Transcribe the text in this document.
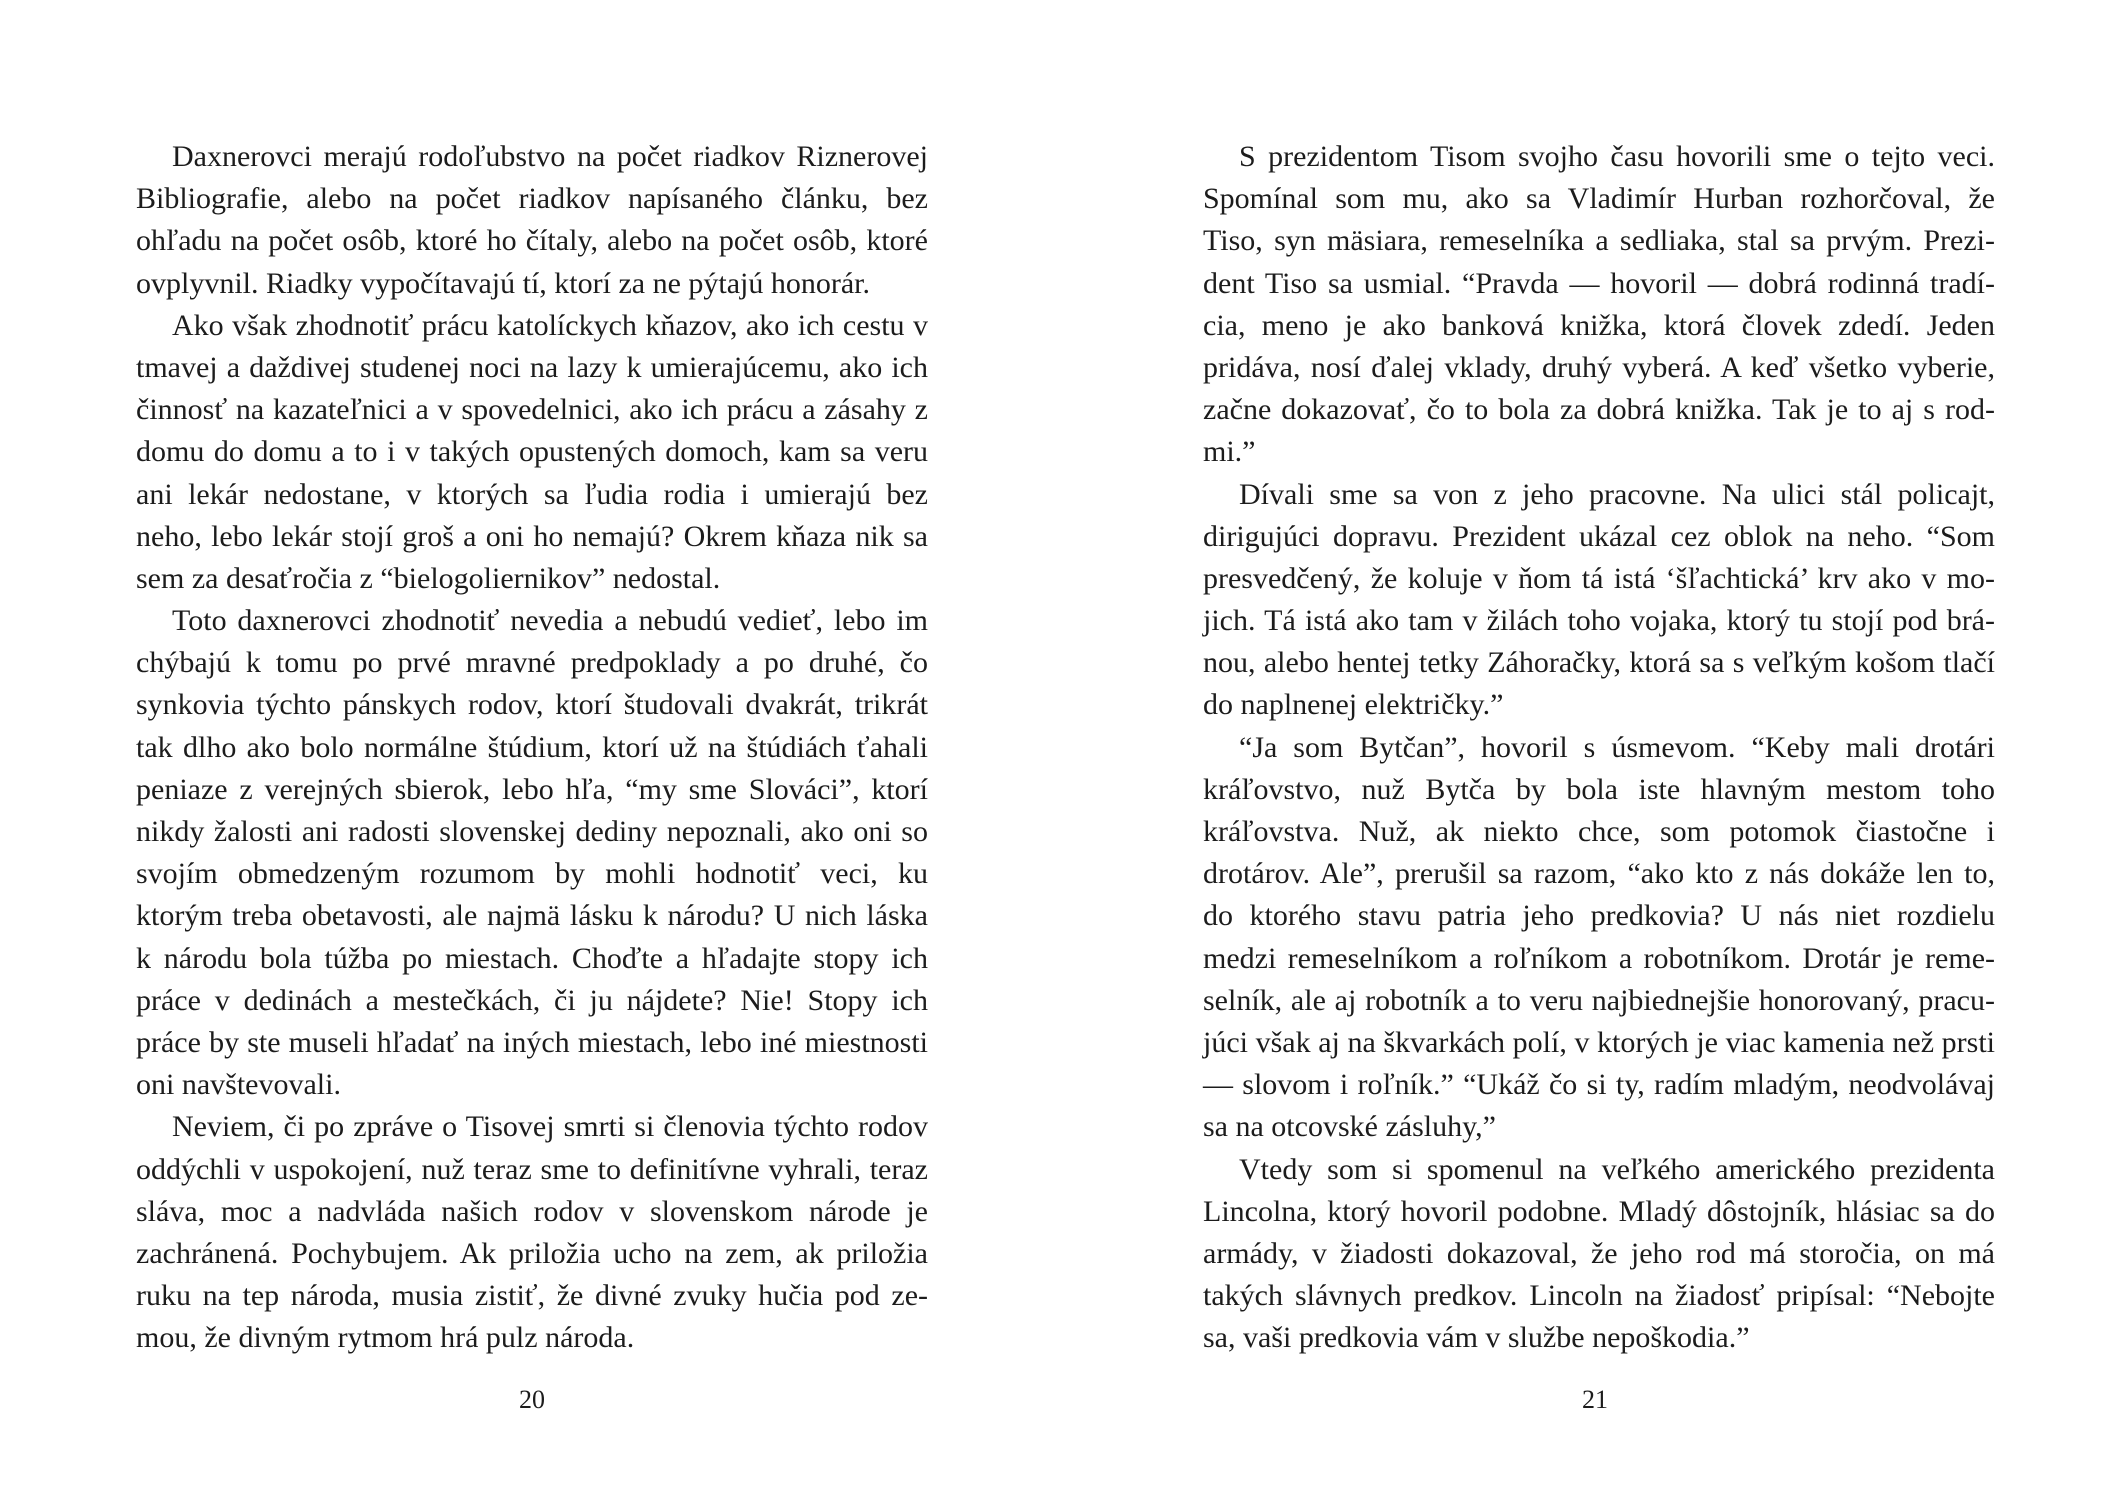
Daxnerovci merajú rodoľubstvo na počet riadkov Riznerovej
Bibliografie, alebo na počet riadkov napísaného článku, bez
ohľadu na počet osôb, ktoré ho čítaly, alebo na počet osôb, ktoré
ovplyvnil. Riadky vypočítavajú tí, ktorí za ne pýtajú honorár.
Ako však zhodnotiť prácu katolíckych kňazov, ako ich cestu v
tmavej a daždivej studenej noci na lazy k umierajúcemu, ako ich
činnosť na kazateľnici a v spovedelnici, ako ich prácu a zásahy z
domu do domu a to i v takých opustených domoch, kam sa veru
ani lekár nedostane, v ktorých sa ľudia rodia i umierajú bez
neho, lebo lekár stojí groš a oni ho nemajú? Okrem kňaza nik sa
sem za desaťročia z “bielogoliernikov” nedostal.
Toto daxnerovci zhodnotiť nevedia a nebudú vedieť, lebo im
chýbajú k tomu po prvé mravné predpoklady a po druhé, čo
synkovia týchto pánskych rodov, ktorí študovali dvakrát, trikrát
tak dlho ako bolo normálne štúdium, ktorí už na štúdiách ťahali
peniaze z verejných sbierok, lebo hľa, “my sme Slováci”, ktorí
nikdy žalosti ani radosti slovenskej dediny nepoznali, ako oni so
svojím obmedzeným rozumom by mohli hodnotiť veci, ku
ktorým treba obetavosti, ale najmä lásku k národu? U nich láska
k národu bola túžba po miestach. Choďte a hľadajte stopy ich
práce v dedinách a mestečkách, či ju nájdete? Nie! Stopy ich
práce by ste museli hľadať na iných miestach, lebo iné miestnosti
oni navštevovali.
Neviem, či po zpráve o Tisovej smrti si členovia týchto rodov
oddýchli v uspokojení, nuž teraz sme to definitívne vyhrali, teraz
sláva, moc a nadvláda našich rodov v slovenskom národe je
zachránená. Pochybujem. Ak priložia ucho na zem, ak priložia
ruku na tep národa, musia zistiť, že divné zvuky hučia pod ze-
mou, že divným rytmom hrá pulz národa.
20
S prezidentom Tisom svojho času hovorili sme o tejto veci.
Spomínal som mu, ako sa Vladimír Hurban rozhorčoval, že
Tiso, syn mäsiara, remeselníka a sedliaka, stal sa prvým. Prezi-
dent Tiso sa usmial. “Pravda — hovoril — dobrá rodinná tradí-
cia, meno je ako banková knižka, ktorá človek zdedí. Jeden
pridáva, nosí ďalej vklady, druhý vyberá. A keď všetko vyberie,
začne dokazovať, čo to bola za dobrá knižka. Tak je to aj s rod-
mi.”
Dívali sme sa von z jeho pracovne. Na ulici stál policajt,
dirigujúci dopravu. Prezident ukázal cez oblok na neho. “Som
presvedčený, že koluje v ňom tá istá ‘šľachtická’ krv ako v mo-
jich. Tá istá ako tam v žilách toho vojaka, ktorý tu stojí pod brá-
nou, alebo hentej tetky Záhoračky, ktorá sa s veľkým košom tlačí
do naplnenej električky.”
“Ja som Bytčan”, hovoril s úsmevom. “Keby mali drotári
kráľovstvo, nuž Bytča by bola iste hlavným mestom toho
kráľovstva. Nuž, ak niekto chce, som potomok čiastočne i
drotárov. Ale”, prerušil sa razom, “ako kto z nás dokáže len to,
do ktorého stavu patria jeho predkovia? U nás niet rozdielu
medzi remeselníkom a roľníkom a robotníkom. Drotár je reme-
selník, ale aj robotník a to veru najbiednejšie honorovaný, pracu-
júci však aj na škvarkách polí, v ktorých je viac kamenia než prsti
— slovom i roľník.” “Ukáž čo si ty, radím mladým, neodvolávaj
sa na otcovské zásluhy,”
Vtedy som si spomenul na veľkého amerického prezidenta
Lincolna, ktorý hovoril podobne. Mladý dôstojník, hlásiac sa do
armády, v žiadosti dokazoval, že jeho rod má storočia, on má
takých slávnych predkov. Lincoln na žiadosť pripísal: “Nebojte
sa, vaši predkovia vám v službe nepoškodia.”
21
